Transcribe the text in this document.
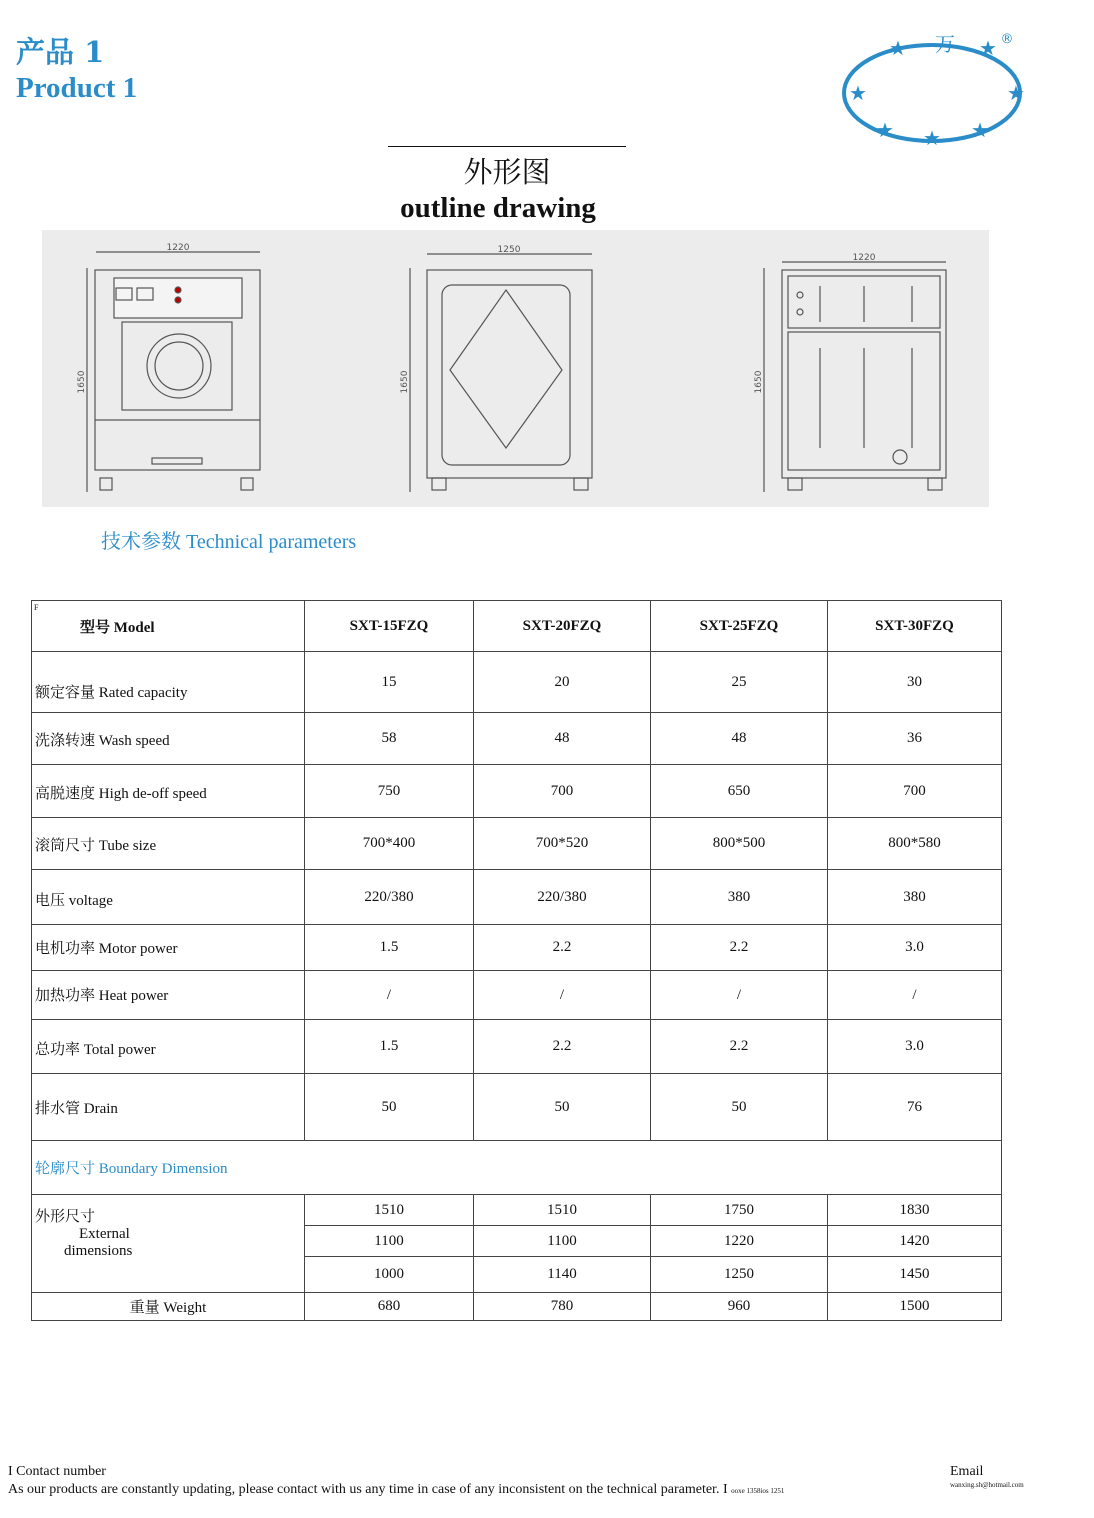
产品 1
Product 1
★	★
★	★
★	★
★
万	®
外形图
outline drawing
1220	1250
1220
1650	1650	1650
技术参数 Technical parameters
F
型号 Model	SXT-15FZQ	SXT-20FZQ	SXT-25FZQ	SXT-30FZQ
额定容量 Rated capacity	15	20	25	30
洗涤转速 Wash speed	58	48	48	36
高脱速度 High de-off speed	750	700	650	700
滚筒尺寸 Tube size	700*400	700*520	800*500	800*580
电压 voltage	220/380	220/380	380	380
电机功率 Motor power	1.5	2.2	2.2	3.0
加热功率 Heat power	/	/	/	/
总功率 Total power	1.5	2.2	2.2	3.0
排水管 Drain	50	50	50	76
轮廓尺寸 Boundary Dimension				

外形尺寸
External
dimensions	1510	1510	1750	1830
	1100	1100	1220	1420
	1000	1140	1250	1450
重量 Weight	680	780	960	1500
I Contact number
As our products are constantly updating, please contact with us any time in case of any inconsistent on the technical parameter. I ooxe 1358ios 1251
Email
wanxing.sh@hotmail.com
